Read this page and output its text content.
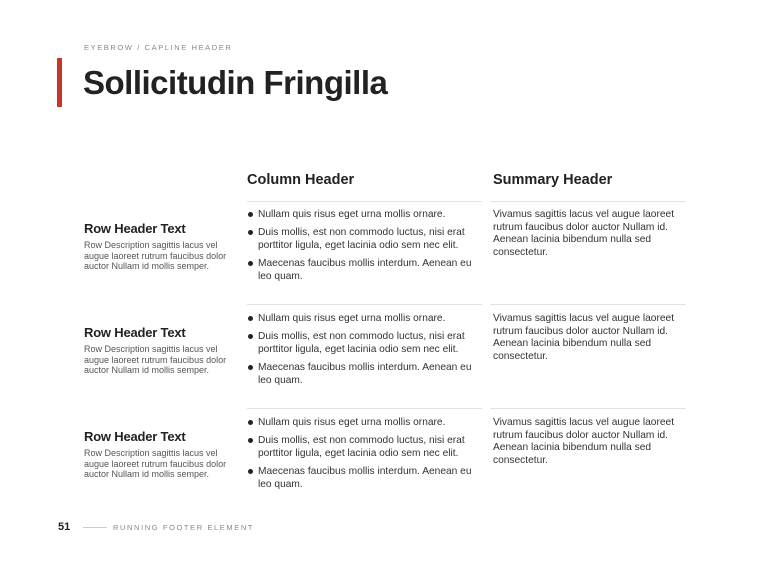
EYEBROW / CAPLINE HEADER
Sollicitudin Fringilla
Column Header	Summary Header
Row Header Text

Row Description sagittis lacus vel augue laoreet rutrum faucibus dolor auctor Nullam id mollis semper.

Nullam quis risus eget urna mollis ornare.
Duis mollis, est non commodo luctus, nisi erat porttitor ligula, eget lacinia odio sem nec elit.
Maecenas faucibus mollis interdum. Aenean eu leo quam.

Vivamus sagittis lacus vel augue laoreet rutrum faucibus dolor auctor Nullam id. Aenean lacinia bibendum nulla sed consectetur.

Row Header Text

Row Description sagittis lacus vel augue laoreet rutrum faucibus dolor auctor Nullam id mollis semper.

Nullam quis risus eget urna mollis ornare.
Duis mollis, est non commodo luctus, nisi erat porttitor ligula, eget lacinia odio sem nec elit.
Maecenas faucibus mollis interdum. Aenean eu leo quam.

Vivamus sagittis lacus vel augue laoreet rutrum faucibus dolor auctor Nullam id. Aenean lacinia bibendum nulla sed consectetur.

Row Header Text

Row Description sagittis lacus vel augue laoreet rutrum faucibus dolor auctor Nullam id mollis semper.

Nullam quis risus eget urna mollis ornare.
Duis mollis, est non commodo luctus, nisi erat porttitor ligula, eget lacinia odio sem nec elit.
Maecenas faucibus mollis interdum. Aenean eu leo quam.

Vivamus sagittis lacus vel augue laoreet rutrum faucibus dolor auctor Nullam id. Aenean lacinia bibendum nulla sed consectetur.

51	RUNNING FOOTER ELEMENT
